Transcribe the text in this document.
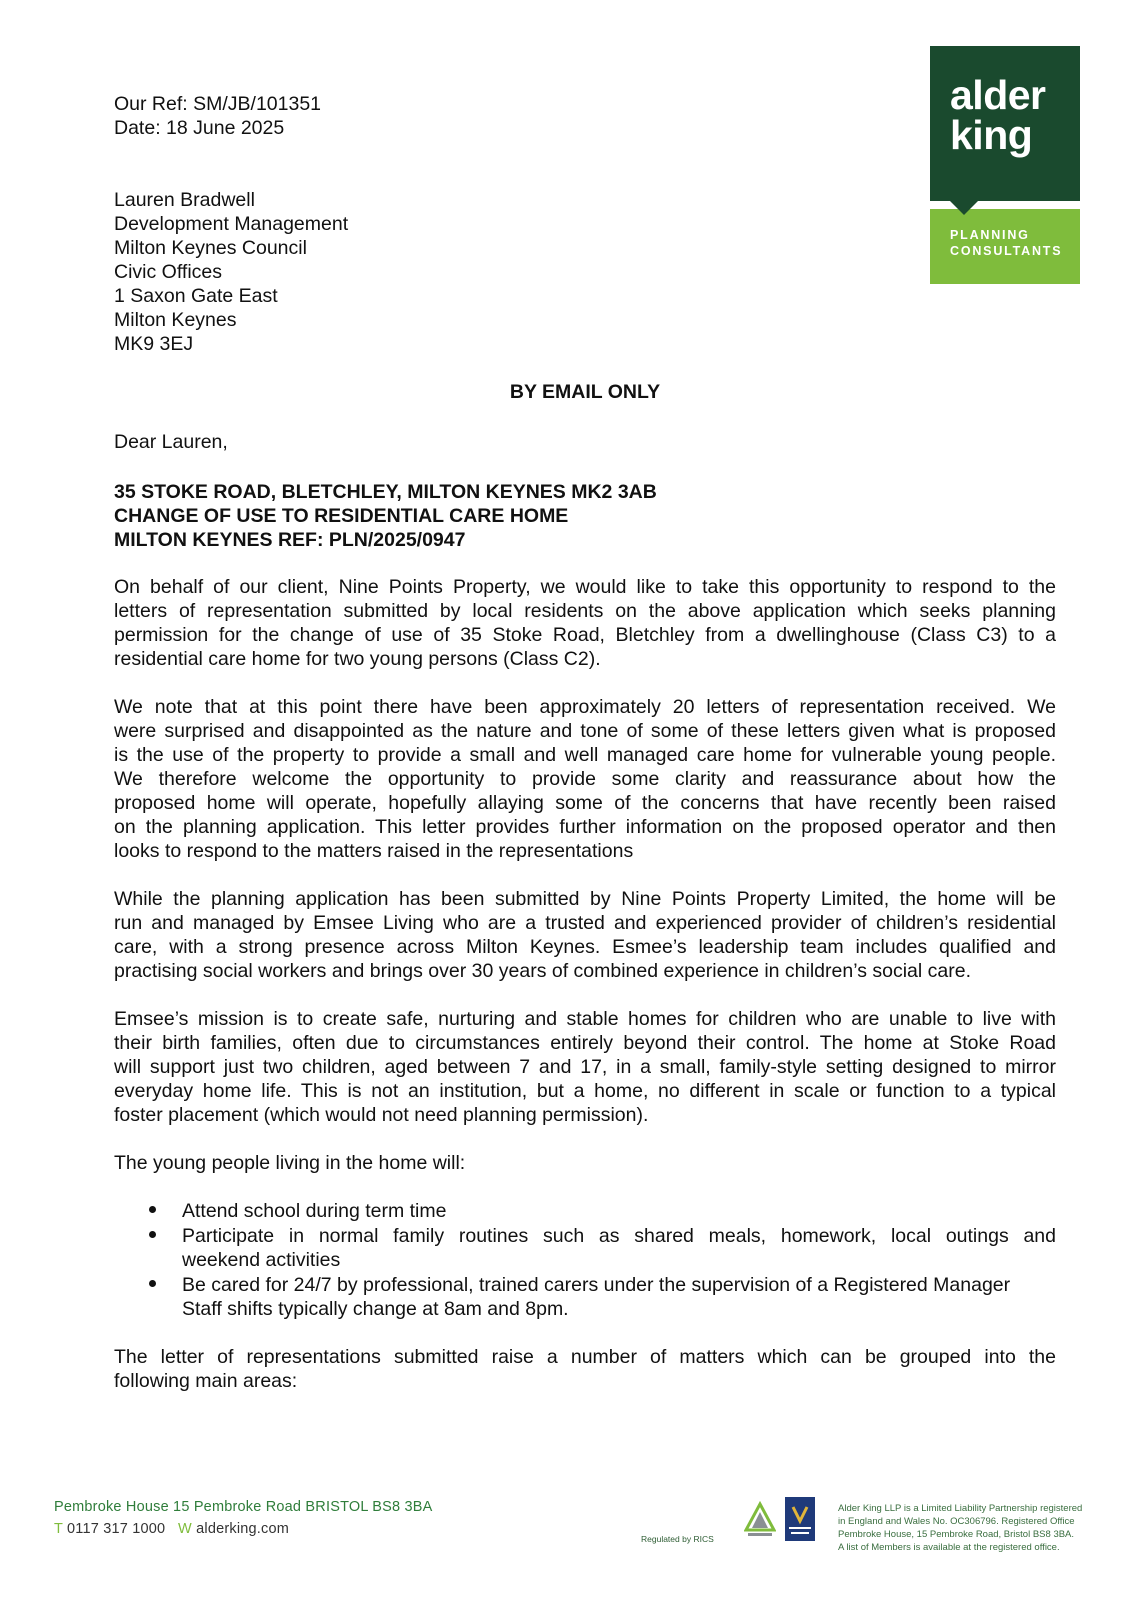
alder
king
PLANNING
CONSULTANTS
Our Ref: SM/JB/101351
Date: 18 June 2025
Lauren Bradwell
Development Management
Milton Keynes Council
Civic Offices
1 Saxon Gate East
Milton Keynes
MK9 3EJ
BY EMAIL ONLY
Dear Lauren,
35 STOKE ROAD, BLETCHLEY, MILTON KEYNES MK2 3AB
CHANGE OF USE TO RESIDENTIAL CARE HOME
MILTON KEYNES REF: PLN/2025/0947
On behalf of our client, Nine Points Property, we would like to take this opportunity to respond to the
letters of representation submitted by local residents on the above application which seeks planning
permission for the change of use of 35 Stoke Road, Bletchley from a dwellinghouse (Class C3) to a
residential care home for two young persons (Class C2).
We note that at this point there have been approximately 20 letters of representation received. We
were surprised and disappointed as the nature and tone of some of these letters given what is proposed
is the use of the property to provide a small and well managed care home for vulnerable young people.
We therefore welcome the opportunity to provide some clarity and reassurance about how the
proposed home will operate, hopefully allaying some of the concerns that have recently been raised
on the planning application. This letter provides further information on the proposed operator and then
looks to respond to the matters raised in the representations
While the planning application has been submitted by Nine Points Property Limited, the home will be
run and managed by Emsee Living who are a trusted and experienced provider of children’s residential
care, with a strong presence across Milton Keynes. Esmee’s leadership team includes qualified and
practising social workers and brings over 30 years of combined experience in children’s social care.
Emsee’s mission is to create safe, nurturing and stable homes for children who are unable to live with
their birth families, often due to circumstances entirely beyond their control. The home at Stoke Road
will support just two children, aged between 7 and 17, in a small, family-style setting designed to mirror
everyday home life. This is not an institution, but a home, no different in scale or function to a typical
foster placement (which would not need planning permission).
The young people living in the home will:
Attend school during term time
Participate in normal family routines such as shared meals, homework, local outings and
weekend activities
Be cared for 24/7 by professional, trained carers under the supervision of a Registered Manager
Staff shifts typically change at 8am and 8pm.
The letter of representations submitted raise a number of matters which can be grouped into the
following main areas:
Pembroke House 15 Pembroke Road BRISTOL BS8 3BA
T 0117 317 1000 W alderking.com
Regulated by RICS
Alder King LLP is a Limited Liability Partnership registered
in England and Wales No. OC306796. Registered Office
Pembroke House, 15 Pembroke Road, Bristol BS8 3BA.
A list of Members is available at the registered office.
